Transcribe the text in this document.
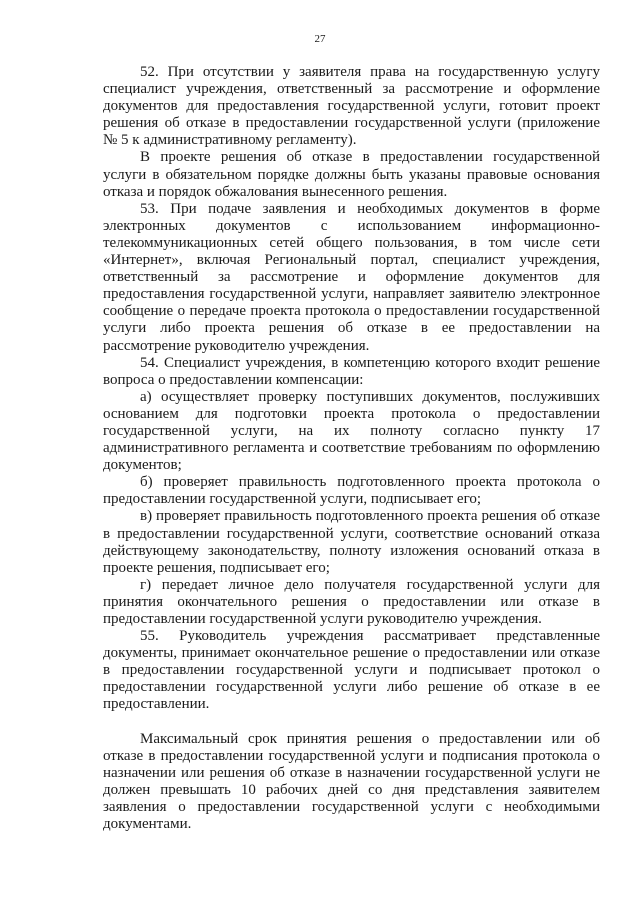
27

52. При отсутствии у заявителя права на государственную услугу специалист учреждения, ответственный за рассмотрение и оформление документов для предоставления государственной услуги, готовит проект решения об отказе в предоставлении государственной услуги (приложение № 5 к административному регламенту).

В проекте решения об отказе в предоставлении государственной услуги в обязательном порядке должны быть указаны правовые основания отказа и порядок обжалования вынесенного решения.

53. При подаче заявления и необходимых документов в форме электронных документов с использованием информационно-телекоммуникационных сетей общего пользования, в том числе сети «Интернет», включая Региональный портал, специалист учреждения, ответственный за рассмотрение и оформление документов для предоставления государственной услуги, направляет заявителю электронное сообщение о передаче проекта протокола о предоставлении государственной услуги либо проекта решения об отказе в ее предоставлении на рассмотрение руководителю учреждения.

54. Специалист учреждения, в компетенцию которого входит решение вопроса о предоставлении компенсации:

а) осуществляет проверку поступивших документов, послуживших основанием для подготовки проекта протокола о предоставлении государственной услуги, на их полноту согласно пункту 17 административного регламента и соответствие требованиям по оформлению документов;

б) проверяет правильность подготовленного проекта протокола о предоставлении государственной услуги, подписывает его;

в) проверяет правильность подготовленного проекта решения об отказе в предоставлении государственной услуги, соответствие оснований отказа действующему законодательству, полноту изложения оснований отказа в проекте решения, подписывает его;

г) передает личное дело получателя государственной услуги для принятия окончательного решения о предоставлении или отказе в предоставлении государственной услуги руководителю учреждения.

55. Руководитель учреждения рассматривает представленные документы, принимает окончательное решение о предоставлении или отказе в предоставлении государственной услуги и подписывает протокол о предоставлении государственной услуги либо решение об отказе в ее предоставлении.

Максимальный срок принятия решения о предоставлении или об отказе в предоставлении государственной услуги и подписания протокола о назначении или решения об отказе в назначении государственной услуги не должен превышать 10 рабочих дней со дня представления заявителем заявления о предоставлении государственной услуги с необходимыми документами.
